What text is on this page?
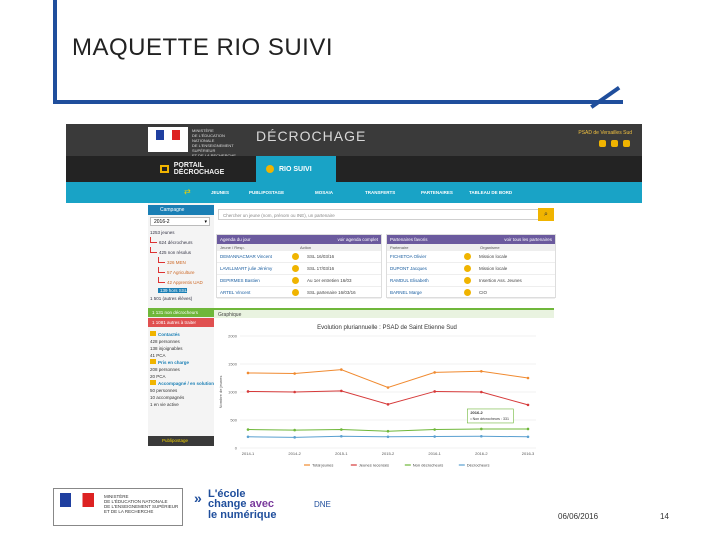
MAQUETTE RIO SUIVI
MINISTÈRE
DE L'ÉDUCATION NATIONALE
DE L'ENSEIGNEMENT SUPÉRIEUR
DÉCROCHAGE	PSAD de Versailles Sud
PORTAIL DÉCROCHAGE	RIO SUIVI
⇄	JEUNES	PUBLIPOSTAGE	MOSAIA	TRANSFERTS	PARTENAIRES	TABLEAU DE BORD
Campagne
2016-2	▾
1253 jeunes
624 décrocheurs
425 non résolus
326 MEN
57 Agriculture
42 Apprentis UAD
139 hors SSL
1 501 (autres élèves)
1 131 non décrocheurs
1 1081 autres à traiter
Contactés
428 personnes
138 injoignables
41 PCA
Pris en charge
208 personnes
20 PCA
Accompagné / en solution
50 personnes
10 accompagnés
1 en vie active
Publipostage
Chercher un jeune (nom, prénom ou INE), un partenaire	⌕
Agenda du jour	voir agenda complet
Jeune / Resp.	Action
DEMANNACMAR Vincent	SSL 16/03/16
LAVILLMART julie Jérémy	SSL 17/03/16
DEPIRMES Bastien	Au 1er entretien 16/03
ARTEL Vincent	SSL partenaire 16/03/16
Partenaires favoris	voir tous les partenaires
Partenaire	Organisme
FICHETOA Olivier	Mission locale
DUPONT Jacques	Mission locale
RAMDUL Elisabeth	Insertion Ass. Jeunes
BARNEL Marge	CIO
Graphique
Evolution pluriannuelle : PSAD de Saint Etienne Sud
0
500
1000
1500
2000
Nombre de jeunes
2014-1	2014-2	2015-1	2015-2	2016-1	2016-2	2016-3
2016-2
• Non décrocheurs : 331
Total jeunes	Jeunes recensés	Non décrocheurs	Décrocheurs
MINISTÈRE
DE L'ÉDUCATION NATIONALE
DE L'ENSEIGNEMENT SUPÉRIEUR
ET DE LA RECHERCHE
» L'école
change avec
le numérique
DNE
06/06/2016	14
